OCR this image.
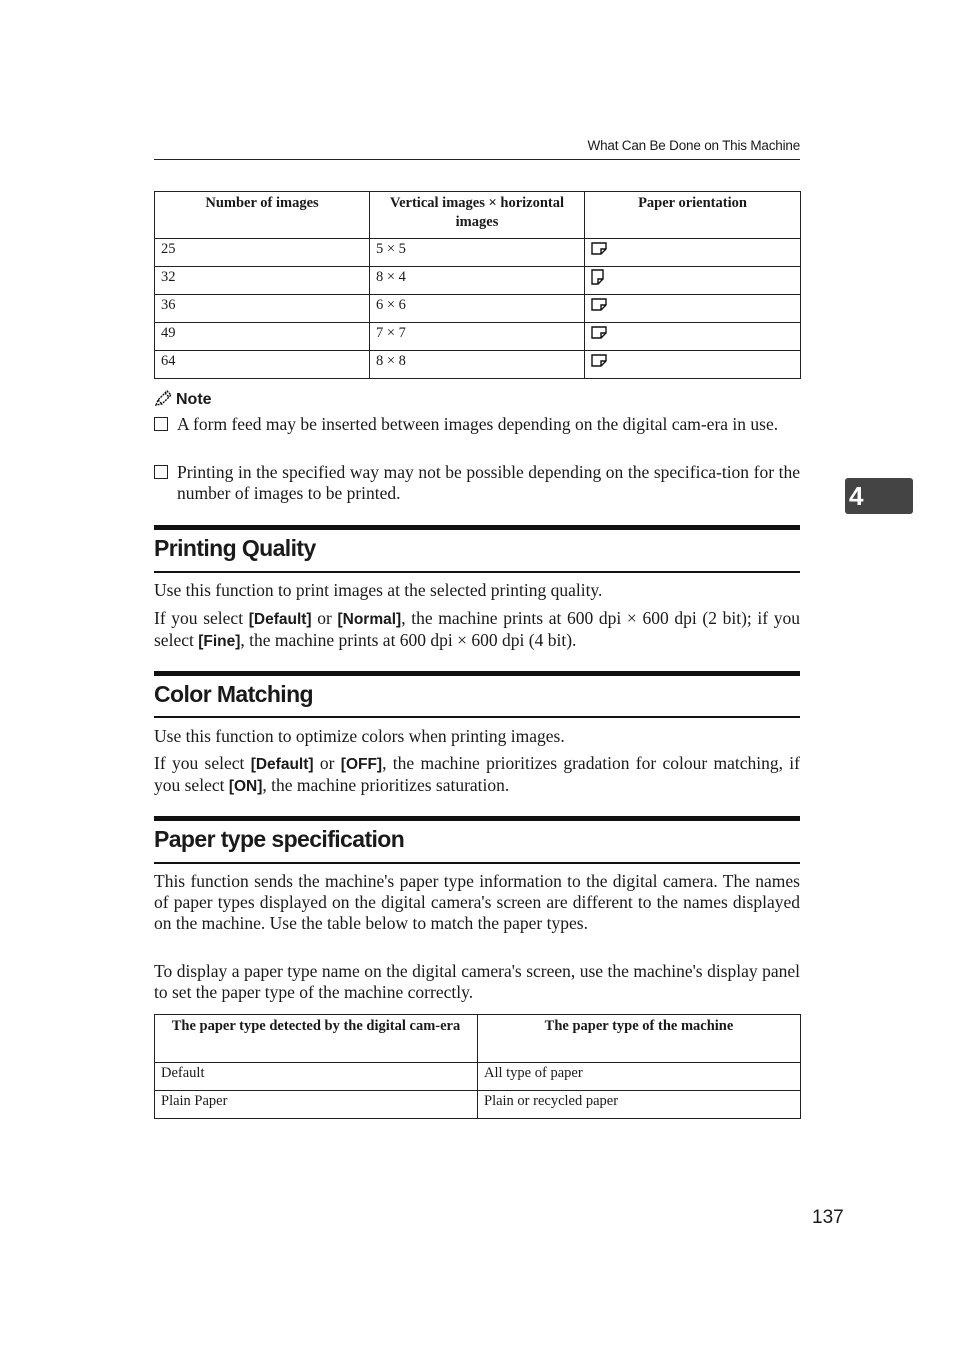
What Can Be Done on This Machine
Number of images	Vertical images × horizontal images	Paper orientation
25	5 × 5	
32	8 × 4	
36	6 × 6	
49	7 × 7	
64	8 × 8	
Note
A form feed may be inserted between images depending on the digital cam-era in use.
Printing in the specified way may not be possible depending on the specifica-tion for the number of images to be printed.
Printing Quality
Use this function to print images at the selected printing quality.
If you select [Default] or [Normal], the machine prints at 600 dpi × 600 dpi (2 bit); if you select [Fine], the machine prints at 600 dpi × 600 dpi (4 bit).
Color Matching
Use this function to optimize colors when printing images.
If you select [Default] or [OFF], the machine prioritizes gradation for colour matching, if you select [ON], the machine prioritizes saturation.
Paper type specification
This function sends the machine's paper type information to the digital camera. The names of paper types displayed on the digital camera's screen are different to the names displayed on the machine. Use the table below to match the paper types.
To display a paper type name on the digital camera's screen, use the machine's display panel to set the paper type of the machine correctly.
The paper type detected by the digital cam-era	The paper type of the machine
Default	All type of paper
Plain Paper	Plain or recycled paper
4
137
